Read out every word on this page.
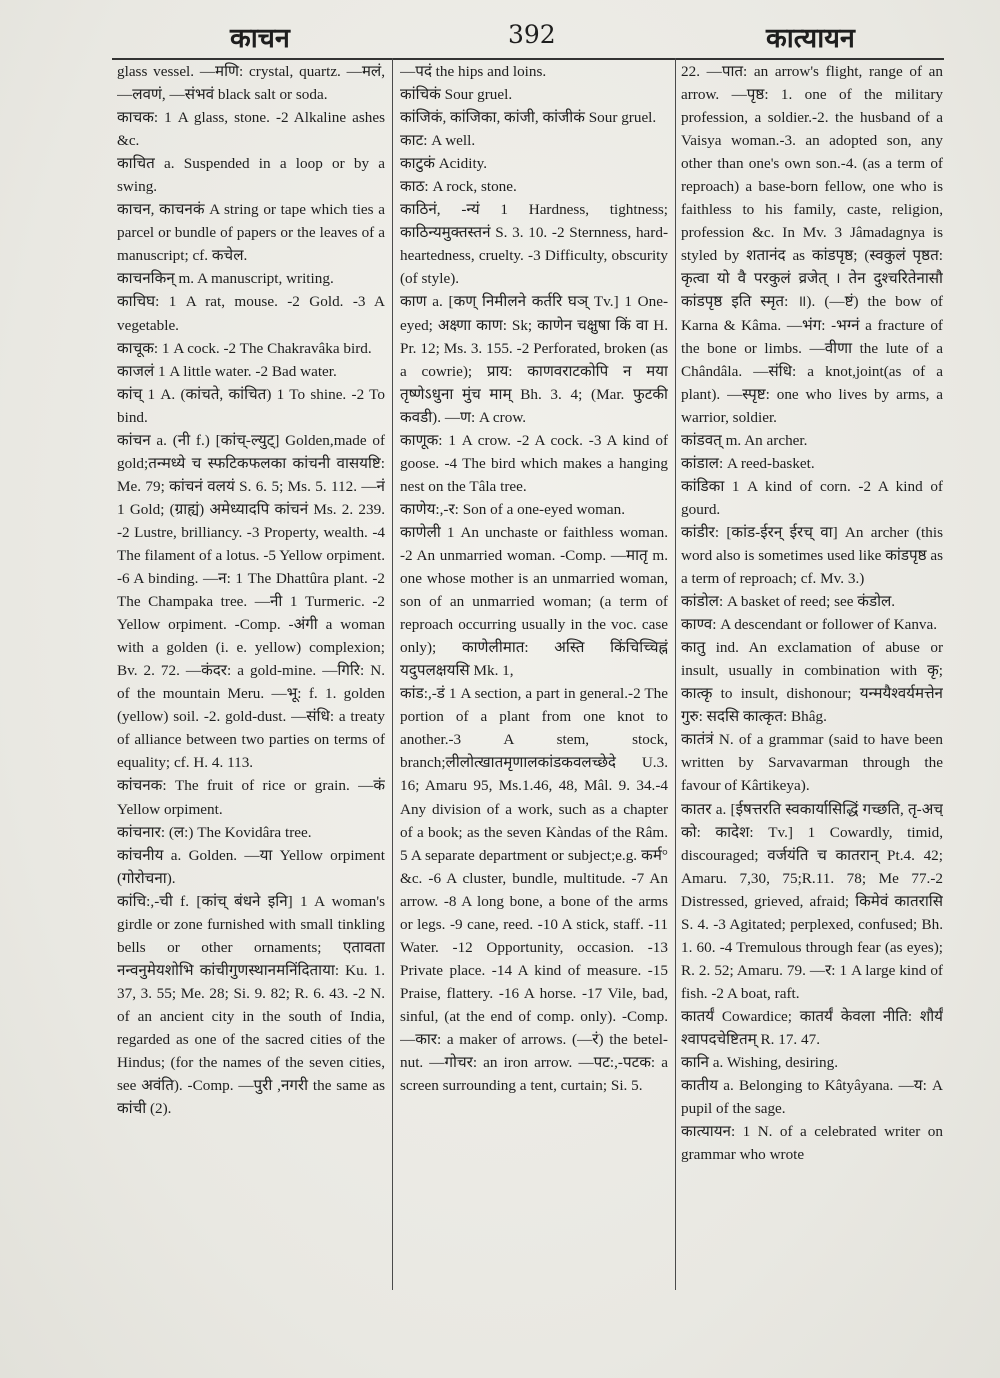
काचन	392	कात्यायन

glass vessel. —मणि: crystal, quartz. —मलं, —लवणं, —संभवं black salt or soda.

काचक: 1 A glass, stone. -2 Alkaline ashes &c.

काचित a. Suspended in a loop or by a swing.

काचन, काचनकं A string or tape which ties a parcel or bundle of papers or the leaves of a manuscript; cf. कचेल.

काचनकिन् m. A manuscript, writing.

काचिघ: 1 A rat, mouse. -2 Gold. -3 A vegetable.

काचूक: 1 A cock. -2 The Chakravâka bird.

काजलं 1 A little water. -2 Bad water.

कांच् 1 A. (कांचते, कांचित) 1 To shine. -2 To bind.

कांचन a. (नी f.) [कांच्-ल्युट्] Golden,made of gold;तन्मध्ये च स्फटिकफलका कांचनी वासयष्टि: Me. 79; कांचनं वलयं S. 6. 5; Ms. 5. 112. —नं 1 Gold; (ग्राह्यं) अमेध्यादपि कांचनं Ms. 2. 239. -2 Lustre, brilliancy. -3 Property, wealth. -4 The filament of a lotus. -5 Yellow orpiment. -6 A binding. —न: 1 The Dhattûra plant. -2 The Champaka tree. —नी 1 Turmeric. -2 Yellow orpiment. -Comp. -अंगी a woman with a golden (i. e. yellow) complexion; Bv. 2. 72. —कंदर: a gold-mine. —गिरि: N. of the mountain Meru. —भू: f. 1. golden (yellow) soil. -2. gold-dust. —संधि: a treaty of alliance between two parties on terms of equality; cf. H. 4. 113.

कांचनक: The fruit of rice or grain. —कं Yellow orpiment.

कांचनार: (ल:) The Kovidâra tree.

कांचनीय a. Golden. —या Yellow orpiment (गोरोचना).

कांचि:,-ची f. [कांच् बंधने इनि] 1 A woman's girdle or zone furnished with small tinkling bells or other ornaments; एतावता नन्वनुमेयशोभि कांचीगुणस्थानमनिंदिताया: Ku. 1. 37, 3. 55; Me. 28; Si. 9. 82; R. 6. 43. -2 N. of an ancient city in the south of India, regarded as one of the sacred cities of the Hindus; (for the names of the seven cities, see अवंति). -Comp. —पुरी ,नगरी the same as कांची (2).

—पदं the hips and loins.

कांचिकं Sour gruel.

कांजिकं, कांजिका, कांजी, कांजीकं Sour gruel.

काट: A well.

काटुकं Acidity.

काठ: A rock, stone.

काठिनं, -न्यं 1 Hardness, tightness; काठिन्यमुक्तस्तनं S. 3. 10. -2 Sternness, hard-heartedness, cruelty. -3 Difficulty, obscurity (of style).

काण a. [कण् निमीलने कर्तरि घञ् Tv.] 1 One-eyed; अक्ष्णा काण: Sk; काणेन चक्षुषा किं वा H. Pr. 12; Ms. 3. 155. -2 Perforated, broken (as a cowrie); प्राय: काणवराटकोपि न मया तृष्णेऽधुना मुंच माम् Bh. 3. 4; (Mar. फुटकी कवडी). —ण: A crow.

काणूक: 1 A crow. -2 A cock. -3 A kind of goose. -4 The bird which makes a hanging nest on the Tâla tree.

काणेय:,-र: Son of a one-eyed woman.

काणेली 1 An unchaste or faithless woman. -2 An unmarried woman. -Comp. —मातृ m. one whose mother is an unmarried woman, son of an unmarried woman; (a term of reproach occurring usually in the voc. case only); काणेलीमात: अस्ति किंचिच्चिह्नं यदुपलक्षयसि Mk. 1,

कांड:,-डं 1 A section, a part in general.-2 The portion of a plant from one knot to another.-3 A stem, stock, branch;लीलोत्खातमृणालकांडकवलच्छेदे U.3. 16; Amaru 95, Ms.1.46, 48, Mâl. 9. 34.-4 Any division of a work, such as a chapter of a book; as the seven Kàndas of the Râm. 5 A separate department or subject;e.g. कर्म° &c. -6 A cluster, bundle, multitude. -7 An arrow. -8 A long bone, a bone of the arms or legs. -9 cane, reed. -10 A stick, staff. -11 Water. -12 Opportunity, occasion. -13 Private place. -14 A kind of measure. -15 Praise, flattery. -16 A horse. -17 Vile, bad, sinful, (at the end of comp. only). -Comp. —कार: a maker of arrows. (—रं) the betel-nut. —गोचर: an iron arrow. —पट:,-पटक: a screen surrounding a tent, curtain; Si. 5.

22. —पात: an arrow's flight, range of an arrow. —पृष्ठ: 1. one of the military profession, a soldier.-2. the husband of a Vaisya woman.-3. an adopted son, any other than one's own son.-4. (as a term of reproach) a base-born fellow, one who is faithless to his family, caste, religion, profession &c. In Mv. 3 Jâmadagnya is styled by शतानंद as कांडपृष्ठ; (स्वकुलं पृष्ठत: कृत्वा यो वै परकुलं व्रजेत् । तेन दुश्चरितेनासौ कांडपृष्ठ इति स्मृत: ॥). (—ष्टं) the bow of Karna & Kâma. —भंग: -भग्नं a fracture of the bone or limbs. —वीणा the lute of a Chândâla. —संधि: a knot,joint(as of a plant). —स्पृष्ट: one who lives by arms, a warrior, soldier.

कांडवत् m. An archer.

कांडाल: A reed-basket.

कांडिका 1 A kind of corn. -2 A kind of gourd.

कांडीर: [कांड-ईरन् ईरच् वा] An archer (this word also is sometimes used like कांडपृष्ठ as a term of reproach; cf. Mv. 3.)

कांडोल: A basket of reed; see कंडोल.

काण्व: A descendant or follower of Kanva.

कातु ind. An exclamation of abuse or insult, usually in combination with कृ; कात्कृ to insult, dishonour; यन्मयैश्वर्यमत्तेन गुरु: सदसि कात्कृत: Bhâg.

कातंत्रं N. of a grammar (said to have been written by Sarvavarman through the favour of Kârtikeya).

कातर a. [ईषत्तरति स्वकार्यासिद्धिं गच्छति, तृ-अच् को: कादेश: Tv.] 1 Cowardly, timid, discouraged; वर्जयंति च कातरान् Pt.4. 42; Amaru. 7,30, 75;R.11. 78; Me 77.-2 Distressed, grieved, afraid; किमेवं कातरासि S. 4. -3 Agitated; perplexed, confused; Bh. 1. 60. -4 Tremulous through fear (as eyes); R. 2. 52; Amaru. 79. —र: 1 A large kind of fish. -2 A boat, raft.

कातर्यं Cowardice; कातर्यं केवला नीति: शौर्यं श्वापदचेष्टितम् R. 17. 47.

कानि a. Wishing, desiring.

कातीय a. Belonging to Kâtyâyana. —य: A pupil of the sage.

कात्यायन: 1 N. of a celebrated writer on grammar who wrote
